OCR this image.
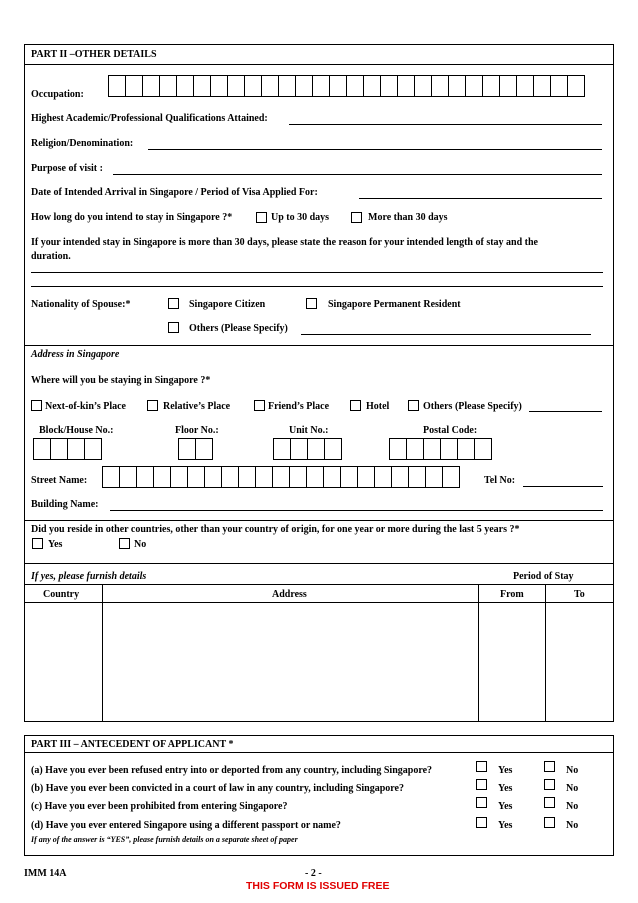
PART II –OTHER DETAILS
Occupation:
Highest Academic/Professional Qualifications Attained:
Religion/Denomination:
Purpose of visit :
Date of Intended Arrival in Singapore / Period of Visa Applied For:
How long do you intend to stay in Singapore ?*	Up to 30 days	More than 30 days
If your intended stay in Singapore is more than 30 days, please state the reason for your intended length of stay and the
duration.
Nationality of Spouse:*	Singapore Citizen	Singapore Permanent Resident
Others (Please Specify)
Address in Singapore
Where will you be staying in Singapore ?*
Next-of-kin’s Place	Relative’s Place	Friend’s Place	Hotel	Others (Please Specify)
Block/House No.:	Floor No.:	Unit No.:	Postal Code:
Street Name:	Tel No:
Building Name:
Did you reside in other countries, other than your country of origin, for one year or more during the last 5 years ?*
Yes	No
If yes, please furnish details	Period of Stay
Country	Address	From	To
PART III – ANTECEDENT OF APPLICANT *
(a) Have you ever been refused entry into or deported from any country, including Singapore?	Yes	No
(b) Have you ever been convicted in a court of law in any country, including Singapore?	Yes	No
(c) Have you ever been prohibited from entering Singapore?	Yes	No
(d) Have you ever entered Singapore using a different passport or name?	Yes	No
If any of the answer is “YES”, please furnish details on a separate sheet of paper
IMM 14A	- 2 -
THIS FORM IS ISSUED FREE
